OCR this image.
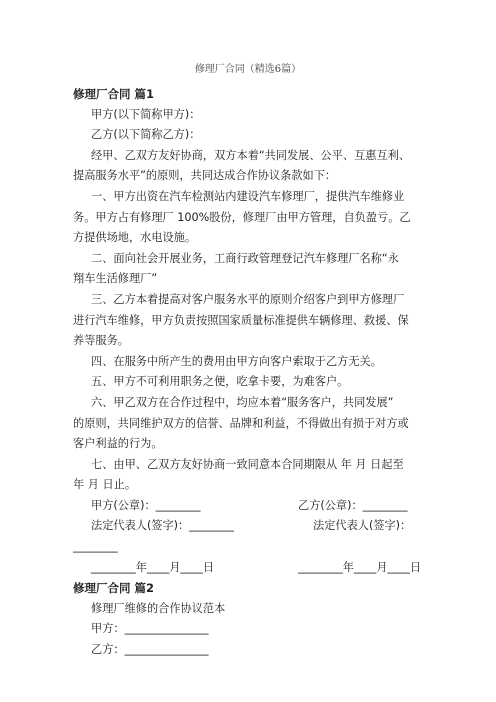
修理厂合同（精选6篇）
修理厂合同 篇1
甲方(以下简称甲方)：
乙方(以下简称乙方)：
经甲、乙双方友好协商，双方本着“共同发展、公平、互惠互利、
提高服务水平”的原则，共同达成合作协议条款如下：
一、甲方出资在汽车检测站内建设汽车修理厂，提供汽车维修业
务。甲方占有修理厂 100%股份，修理厂由甲方管理，自负盈亏。乙
方提供场地，水电设施。
二、面向社会开展业务，工商行政管理登记汽车修理厂名称“永
翔车生活修理厂”
三、乙方本着提高对客户服务水平的原则介绍客户到甲方修理厂
进行汽车维修，甲方负责按照国家质量标准提供车辆修理、救援、保
养等服务。
四、在服务中所产生的费用由甲方向客户索取于乙方无关。
五、甲方不可利用职务之便，吃拿卡要，为难客户。
六、甲乙双方在合作过程中，均应本着“服务客户，共同发展”
的原则，共同维护双方的信誉、品牌和利益，不得做出有损于对方或
客户利益的行为。
七、由甲、乙双方友好协商一致同意本合同期限从 年 月 日起至
年 月 日止。
甲方(公章)：________	乙方(公章)：________
法定代表人(签字)：________	法定代表人(签字)：
________
________年____月____日	________年____月____日
修理厂合同 篇2
修理厂维修的合作协议范本
甲方：_______________
乙方：_______________
